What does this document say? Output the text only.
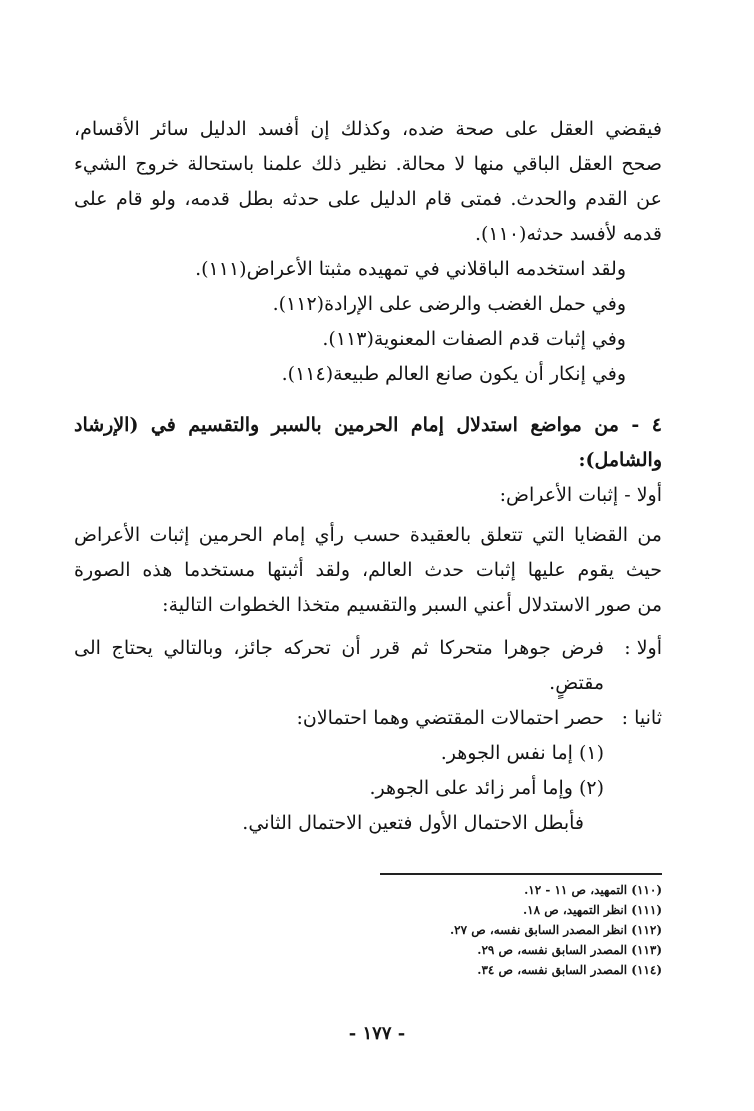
فيقضي العقل على صحة ضده، وكذلك إن أفسد الدليل سائر الأقسام،
صحح العقل الباقي منها لا محالة. نظير ذلك علمنا باستحالة خروج الشيء
عن القدم والحدث. فمتى قام الدليل على حدثه بطل قدمه، ولو قام على
قدمه لأفسد حدثه(١١٠).
ولقد استخدمه الباقلاني في تمهيده مثبتا الأعراض(١١١).
وفي حمل الغضب والرضى على الإرادة(١١٢).
وفي إثبات قدم الصفات المعنوية(١١٣).
وفي إنكار أن يكون صانع العالم طبيعة(١١٤).
٤ - من مواضع استدلال إمام الحرمين بالسبر والتقسيم في (الإرشاد
والشامل):
أولا - إثبات الأعراض:
من القضايا التي تتعلق بالعقيدة حسب رأي إمام الحرمين إثبات الأعراض
حيث يقوم عليها إثبات حدث العالم، ولقد أثبتها مستخدما هذه الصورة
من صور الاستدلال أعني السبر والتقسيم متخذا الخطوات التالية:
أولا :
فرض جوهرا متحركا ثم قرر أن تحركه جائز، وبالتالي يحتاج الى
مقتضٍ.
ثانيا :
حصر احتمالات المقتضي وهما احتمالان:
(١) إما نفس الجوهر.
(٢) وإما أمر زائد على الجوهر.
فأبطل الاحتمال الأول فتعين الاحتمال الثاني.
(١١٠) التمهيد، ص ١١ - ١٢.
(١١١) انظر التمهيد، ص ١٨.
(١١٢) انظر المصدر السابق نفسه، ص ٢٧.
(١١٣) المصدر السابق نفسه، ص ٢٩.
(١١٤) المصدر السابق نفسه، ص ٣٤.
- ١٧٧ -
